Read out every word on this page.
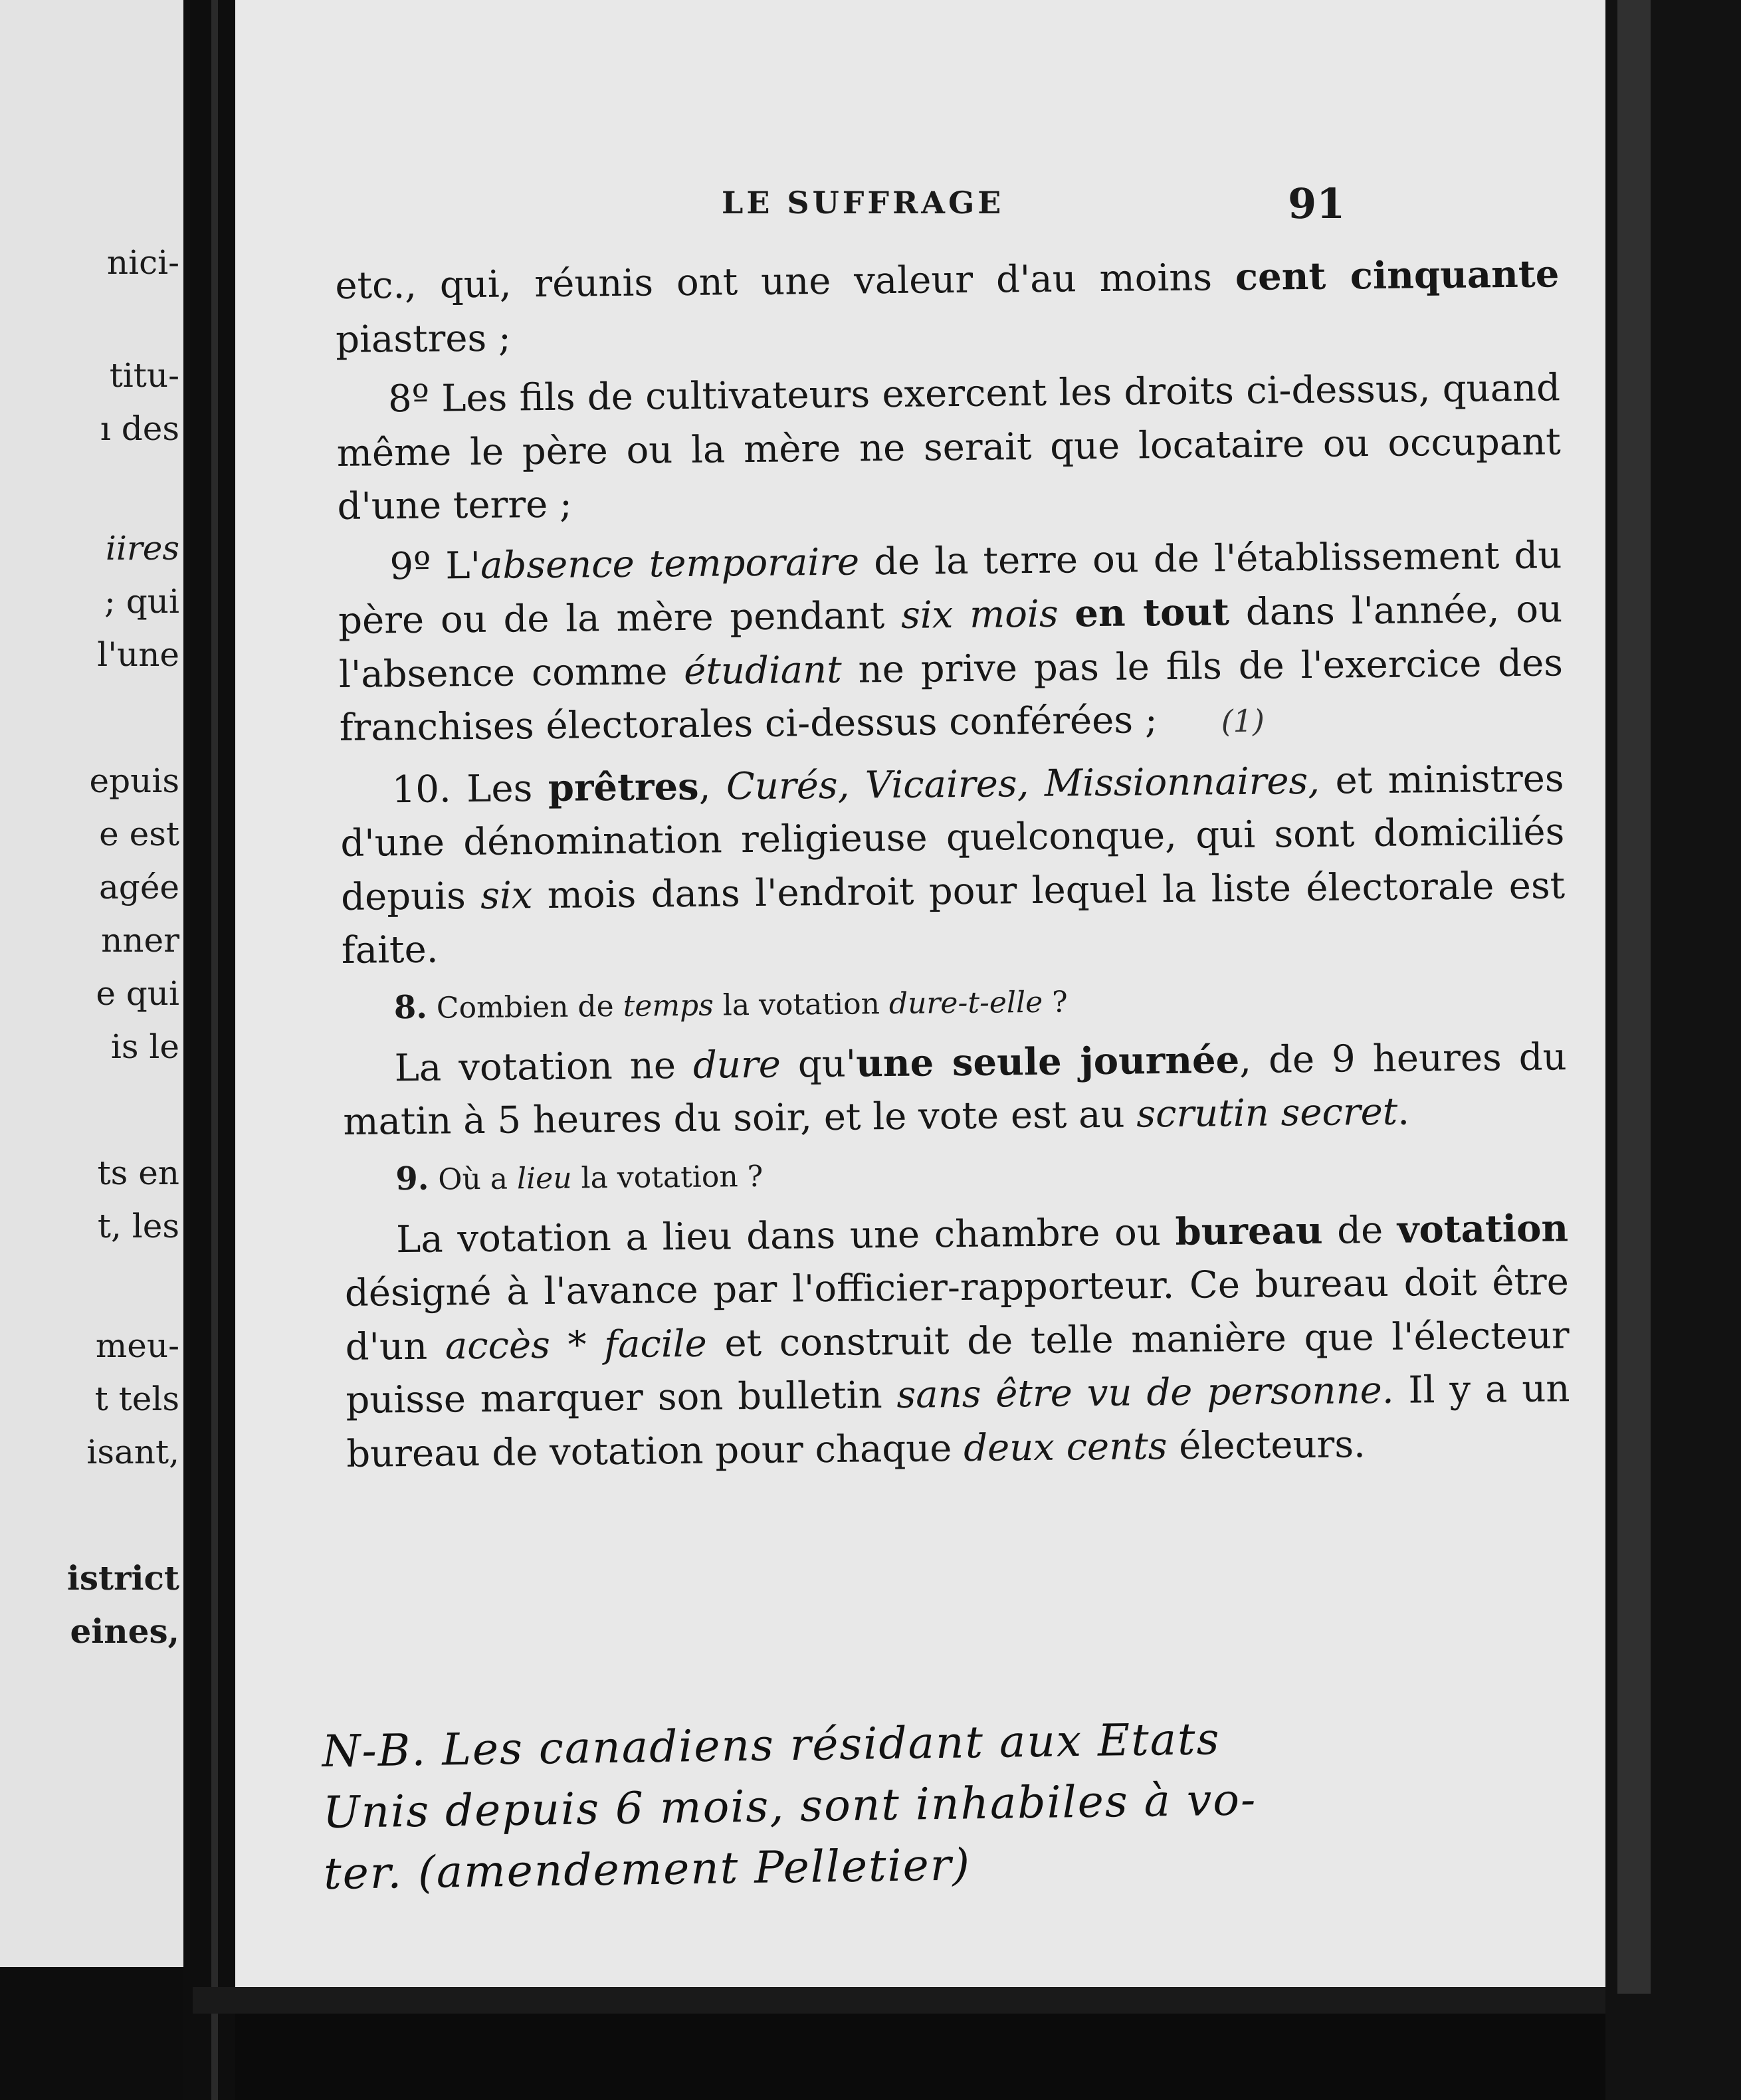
nici-
titu-
ı des
iires
; qui
l'une
epuis
e est
agée
nner
e qui
is le
ts en
t, les
meu-
t tels
isant,
istrict
eines,
LE SUFFRAGE	91

etc., qui, réunis ont une valeur d'au moins cent cinquante piastres ;

8º Les fils de cultivateurs exercent les droits ci-dessus, quand même le père ou la mère ne serait que locataire ou occupant d'une terre ;

9º L'absence temporaire de la terre ou de l'établissement du père ou de la mère pendant six mois en tout dans l'année, ou l'absence comme étudiant ne prive pas le fils de l'exercice des franchises électorales ci-dessus conférées ; (1)

10. Les prêtres, Curés, Vicaires, Missionnaires, et ministres d'une dénomination religieuse quelconque, qui sont domiciliés depuis six mois dans l'endroit pour lequel la liste électorale est faite.

8. Combien de temps la votation dure-t-elle ?

La votation ne dure qu'une seule journée, de 9 heures du matin à 5 heures du soir, et le vote est au scrutin secret.

9. Où a lieu la votation ?

La votation a lieu dans une chambre ou bureau de votation désigné à l'avance par l'officier-rapporteur. Ce bureau doit être d'un accès * facile et construit de telle manière que l'électeur puisse marquer son bulletin sans être vu de personne. Il y a un bureau de votation pour chaque deux cents électeurs.

N-B. Les canadiens résidant aux Etats
Unis depuis 6 mois, sont inhabiles à vo-
ter. (amendement Pelletier)
